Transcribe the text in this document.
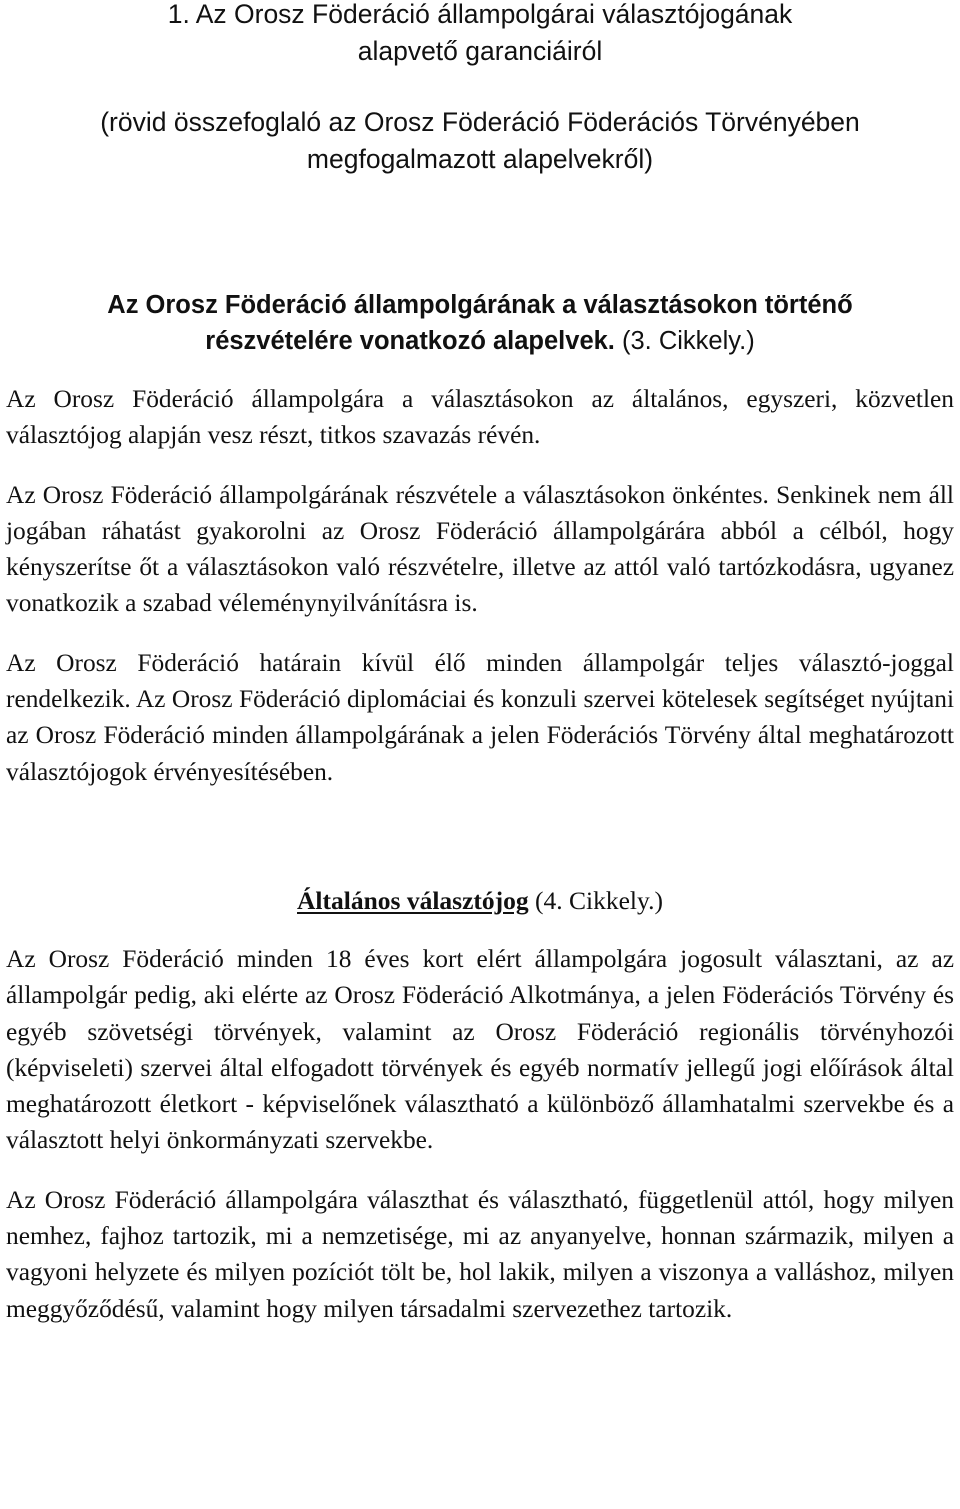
1. Az Orosz Föderáció állampolgárai választójogának

alapvető garanciáiról

(rövid összefoglaló az Orosz Föderáció Föderációs Törvényében

megfogalmazott alapelvekről)

Az Orosz Föderáció állampolgárának a választásokon történő
részvételére vonatkozó alapelvek. (3. Cikkely.)

Az Orosz Föderáció állampolgára a választásokon az általános, egyszeri, közvetlen választójog alapján vesz részt, titkos szavazás révén.

Az Orosz Föderáció állampolgárának részvétele a választásokon önkéntes. Senkinek nem áll jogában ráhatást gyakorolni az Orosz Föderáció állampolgárára abból a célból, hogy kényszerítse őt a választásokon való részvételre, illetve az attól való tartózkodásra, ugyanez vonatkozik a szabad véleménynyilvánításra is.

Az Orosz Föderáció határain kívül élő minden állampolgár teljes választó-joggal rendelkezik. Az Orosz Föderáció diplomáciai és konzuli szervei kötelesek segítséget nyújtani az Orosz Föderáció minden állampolgárának a jelen Föderációs Törvény által meghatározott választójogok érvényesítésében.

Általános választójog (4. Cikkely.)

Az Orosz Föderáció minden 18 éves kort elért állampolgára jogosult választani, az az állampolgár pedig, aki elérte az Orosz Föderáció Alkotmánya, a jelen Föderációs Törvény és egyéb szövetségi törvények, valamint az Orosz Föderáció regionális törvényhozói (képviseleti) szervei által elfogadott törvények és egyéb normatív jellegű jogi előírások által meghatározott életkort - képviselőnek választható a különböző államhatalmi szervekbe és a választott helyi önkormányzati szervekbe.

Az Orosz Föderáció állampolgára választhat és választható, függetlenül attól, hogy milyen nemhez, fajhoz tartozik, mi a nemzetisége, mi az anyanyelve, honnan származik, milyen a vagyoni helyzete és milyen pozíciót tölt be, hol lakik, milyen a viszonya a valláshoz, milyen meggyőződésű, valamint hogy milyen társadalmi szervezethez tartozik.
